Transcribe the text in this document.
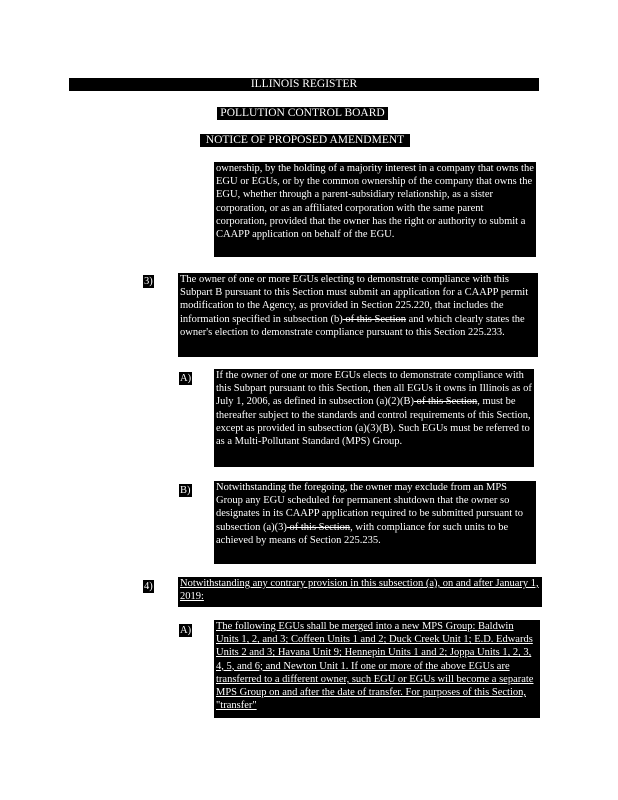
ILLINOIS REGISTER
POLLUTION CONTROL BOARD
NOTICE OF PROPOSED AMENDMENT
ownership, by the holding of a majority interest in a company that owns the EGU or EGUs, or by the common ownership of the company that owns the EGU, whether through a parent-subsidiary relationship, as a sister corporation, or as an affiliated corporation with the same parent corporation, provided that the owner has the right or authority to submit a CAAPP application on behalf of the EGU.
3)	The owner of one or more EGUs electing to demonstrate compliance with this Subpart B pursuant to this Section must submit an application for a CAAPP permit modification to the Agency, as provided in Section 225.220, that includes the information specified in subsection (b) of this Section and which clearly states the owner's election to demonstrate compliance pursuant to this Section 225.233.
A) If the owner of one or more EGUs elects to demonstrate compliance with this Subpart pursuant to this Section, then all EGUs it owns in Illinois as of July 1, 2006, as defined in subsection (a)(2)(B) of this Section, must be thereafter subject to the standards and control requirements of this Section, except as provided in subsection (a)(3)(B). Such EGUs must be referred to as a Multi-Pollutant Standard (MPS) Group.
B) Notwithstanding the foregoing, the owner may exclude from an MPS Group any EGU scheduled for permanent shutdown that the owner so designates in its CAAPP application required to be submitted pursuant to subsection (a)(3) of this Section, with compliance for such units to be achieved by means of Section 225.235.
4)	Notwithstanding any contrary provision in this subsection (a), on and after January 1, 2019:
A) The following EGUs shall be merged into a new MPS Group: Baldwin Units 1, 2, and 3; Coffeen Units 1 and 2; Duck Creek Unit 1; E.D. Edwards Units 2 and 3; Havana Unit 9; Hennepin Units 1 and 2; Joppa Units 1, 2, 3, 4, 5, and 6; and Newton Unit 1. If one or more of the above EGUs are transferred to a different owner, such EGU or EGUs will become a separate MPS Group on and after the date of transfer. For purposes of this Section, "transfer"
